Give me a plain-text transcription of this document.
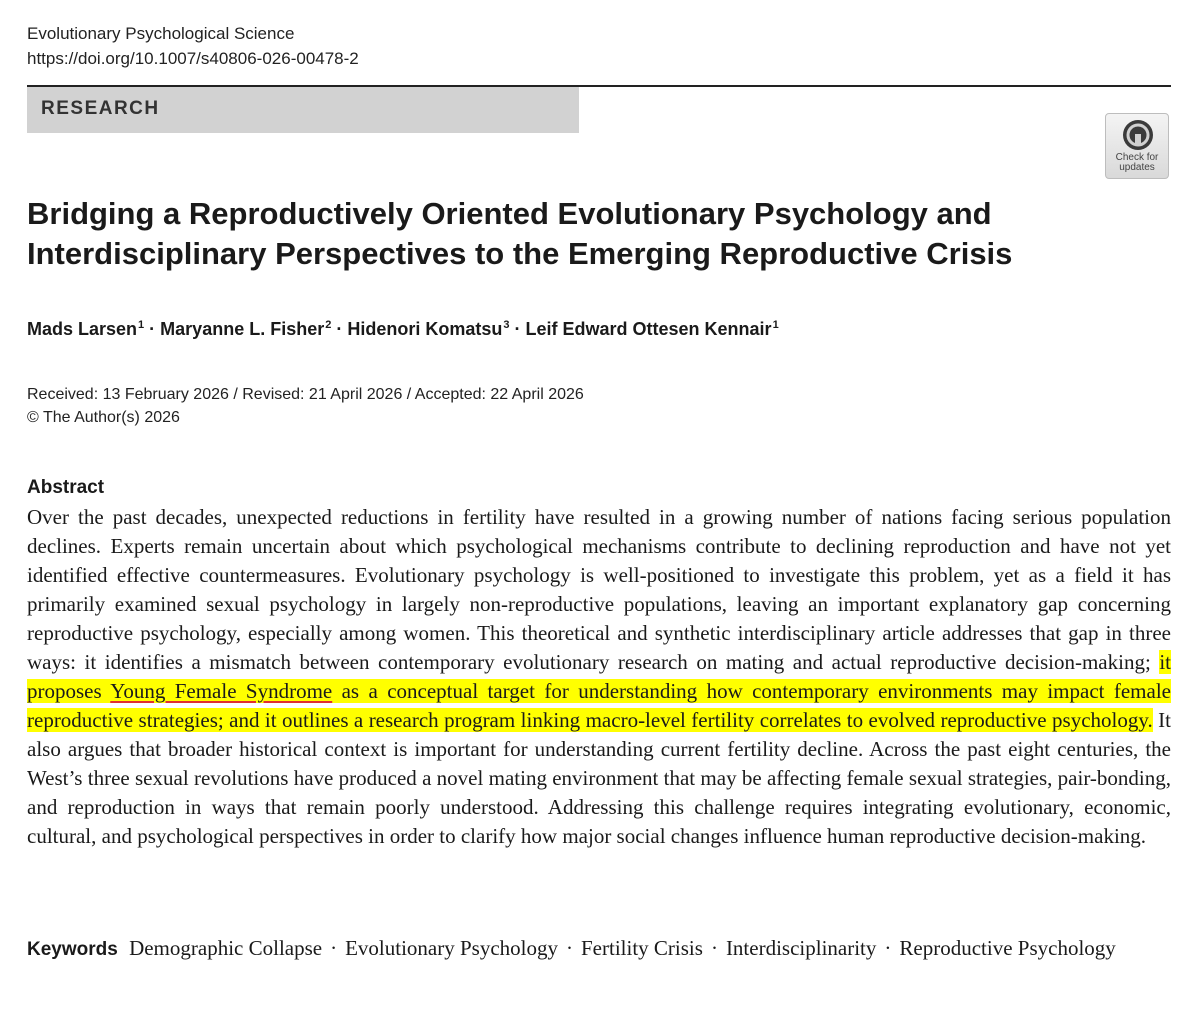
Evolutionary Psychological Science
https://doi.org/10.1007/s40806-026-00478-2
RESEARCH
Check for
updates
Bridging a Reproductively Oriented Evolutionary Psychology and
Interdisciplinary Perspectives to the Emerging Reproductive Crisis
Mads Larsen$^1$ · Maryanne L. Fisher$^2$ · Hidenori Komatsu$^3$ · Leif Edward Ottesen Kennair$^1$
Received: 13 February 2026 / Revised: 21 April 2026 / Accepted: 22 April 2026
© The Author(s) 2026
Abstract

Over the past decades, unexpected reductions in fertility have resulted in a growing number of nations facing serious population declines. Experts remain uncertain about which psychological mechanisms contribute to declining reproduction and have not yet identified effective countermeasures. Evolutionary psychology is well-positioned to investigate this problem, yet as a field it has primarily examined sexual psychology in largely non-reproductive populations, leaving an important explanatory gap concerning reproductive psychology, especially among women. This theoretical and synthetic interdisciplinary article addresses that gap in three ways: it identifies a mismatch between contemporary evolutionary research on mating and actual reproductive decision-making; it proposes Young Female Syndrome as a conceptual target for understanding how contemporary environments may impact female reproductive strategies; and it outlines a research program linking macro-level fertility correlates to evolved reproductive psychology. It also argues that broader historical context is important for understanding current fertility decline. Across the past eight centuries, the West’s three sexual revolutions have produced a novel mating environment that may be affecting female sexual strategies, pair-bonding, and reproduction in ways that remain poorly understood. Addressing this challenge requires integrating evolutionary, economic, cultural, and psychological perspectives in order to clarify how major social changes influence human reproductive decision-making.

Keywords Demographic Collapse · Evolutionary Psychology · Fertility Crisis · Interdisciplinarity · Reproductive Psychology
